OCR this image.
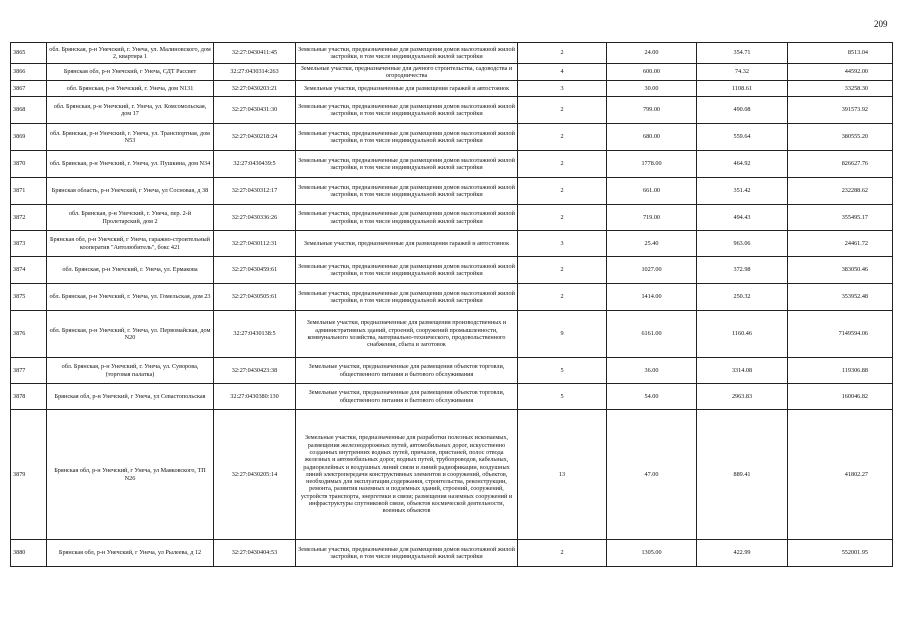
209
3865	обл. Брянская, р-н Унечский, г. Унеча, ул. Малиновского, дом 2, квартира 1	32:27:0430411:45	Земельные участки, предназначенные для размещения домов малоэтажной жилой застройки, в том числе индивидуальной жилой застройки	2	24.00	354.71	8513.04
3866	Брянская обл, р-н Унечский, г Унеча, СДТ Рассвет	32:27:0430314:263	Земельные участки, предназначенные для дачного строительства, садоводства и огородничества	4	600.00	74.32	44592.00
3867	обл. Брянская, р-н Унечский, г. Унеча, дом N131	32:27:0430203:21	Земельные участки, предназначенные для размещения гаражей и автостоянок	3	30.00	1108.61	33258.30
3868	обл. Брянская, р-н Унечский, г. Унеча, ул. Комсомольская, дом 17	32:27:0430431:30	Земельные участки, предназначенные для размещения домов малоэтажной жилой застройки, в том числе индивидуальной жилой застройки	2	799.00	490.08	391573.92
3869	обл. Брянская, р-н Унечский, г. Унеча, ул. Транспортная, дом N53	32:27:0430218:24	Земельные участки, предназначенные для размещения домов малоэтажной жилой застройки, в том числе индивидуальной жилой застройки	2	680.00	559.64	380555.20
3870	обл. Брянская, р-н Унечский, г. Унеча, ул. Пушкина, дом N34	32:27:0430439:5	Земельные участки, предназначенные для размещения домов малоэтажной жилой застройки, в том числе индивидуальной жилой застройки	2	1778.00	464.92	826627.76
3871	Брянская область, р-н Унечский, г Унеча, ул Сосновая, д 38	32:27:0430312:17	Земельные участки, предназначенные для размещения домов малоэтажной жилой застройки, в том числе индивидуальной жилой застройки	2	661.00	351.42	232288.62
3872	обл. Брянская, р-н Унечский, г. Унеча, пер. 2-й Пролетарский, дом 2	32:27:0430336:26	Земельные участки, предназначенные для размещения домов малоэтажной жилой застройки, в том числе индивидуальной жилой застройки	2	719.00	494.43	355495.17
3873	Брянская обл, р-н Унечский, г Унеча, гаражно-строительный кооператив "Автолюбитель", бокс 421	32:27:0430112:31	Земельные участки, предназначенные для размещения гаражей и автостоянок	3	25.40	963.06	24461.72
3874	обл. Брянская, р-н Унечский, г. Унеча, ул. Ермакова	32:27:0430459:61	Земельные участки, предназначенные для размещения домов малоэтажной жилой застройки, в том числе индивидуальной жилой застройки	2	1027.00	372.98	383050.46
3875	обл. Брянская, р-н Унечский, г. Унеча, ул. Гомельская, дом 23	32:27:0430505:61	Земельные участки, предназначенные для размещения домов малоэтажной жилой застройки, в том числе индивидуальной жилой застройки	2	1414.00	250.32	353952.48
3876	обл. Брянская, р-н Унечский, г. Унеча, ул. Первомайская, дом N20	32:27:0430138:5	Земельные участки, предназначенные для размещения производственных и административных зданий, строений, сооружений промышленности, коммунального хозяйства, материально-технического, продовольственного снабжения, сбыта и заготовок	9	6161.00	1160.46	7149594.06
3877	обл. Брянская, р-н Унечский, г. Унеча, ул. Суворова, (торговая палатка)	32:27:0430423:38	Земельные участки, предназначенные для размещения объектов торговли, общественного питания и бытового обслуживания	5	36.00	3314.08	119306.88
3878	Брянская обл, р-н Унечский, г Унеча, ул Севастопольская	32:27:0430380:130	Земельные участки, предназначенные для размещения объектов торговли, общественного питания и бытового обслуживания	5	54.00	2963.83	160046.82
3879	Брянская обл, р-н Унечский, г Унеча, ул Маяковского, ТП N26	32:27:0430205:14	Земельные участки, предназначенные для разработки полезных ископаемых, размещения железнодорожных путей, автомобильных дорог, искусственно созданных внутренних водных путей, причалов, пристаней, полос отвода железных и автомобильных дорог, водных путей, трубопроводов, кабельных, радиорелейных и воздушных линий связи и линий радиофикации, воздушных линий электропередачи конструктивных элементов и сооружений, объектов, необходимых для эксплуатации,содержания, строительства, реконструкции, ремонта, развития наземных и подземных зданий, строений, сооружений, устройств транспорта, энергетики и связи; размещения наземных сооружений и инфраструктуры спутниковой связи, объектов космической деятельности, военных объектов	13	47.00	889.41	41802.27
3880	Брянская обл, р-н Унечский, г Унеча, ул Рылеева, д 12	32:27:0430404:53	Земельные участки, предназначенные для размещения домов малоэтажной жилой застройки, в том числе индивидуальной жилой застройки	2	1305.00	422.99	552001.95
